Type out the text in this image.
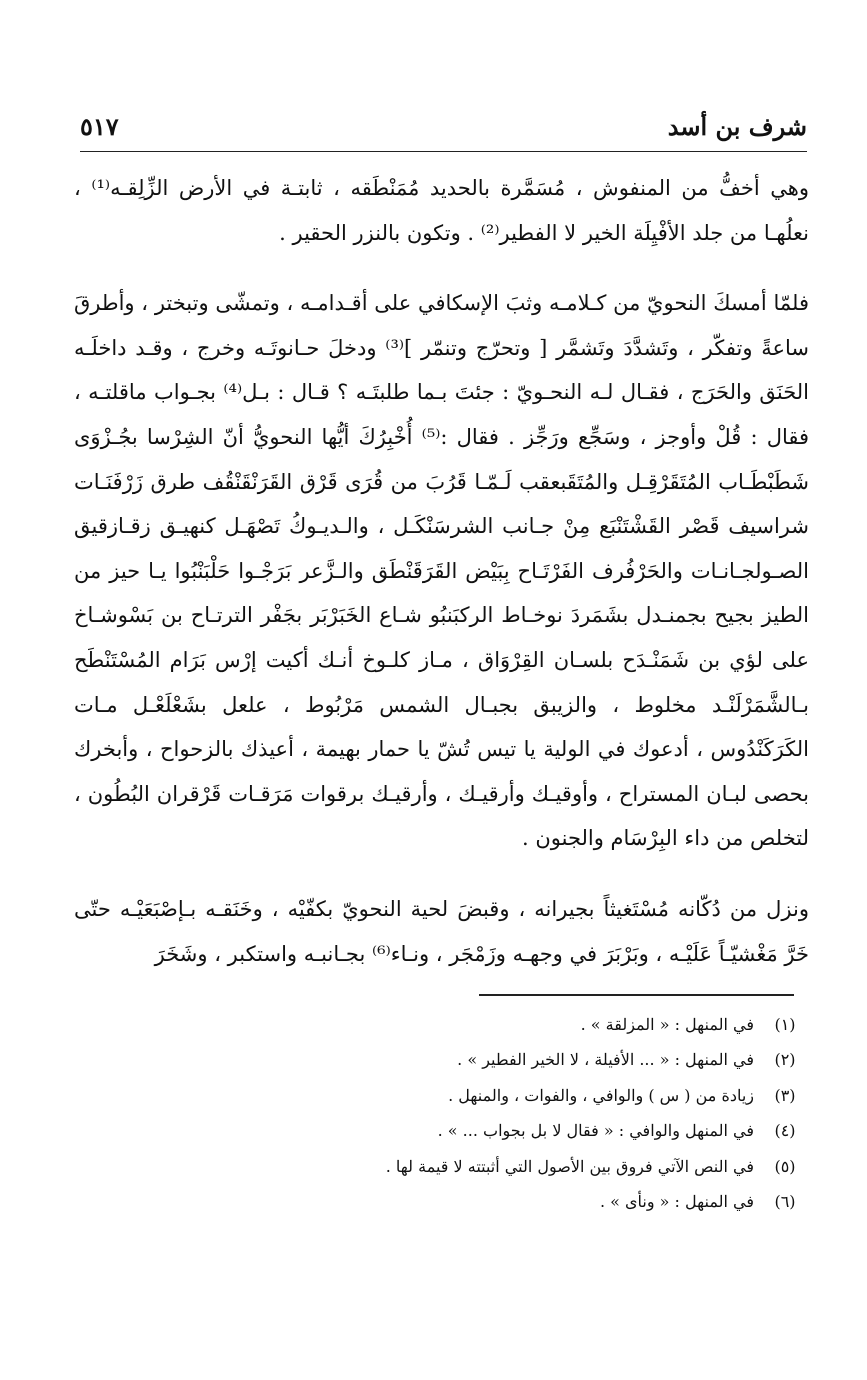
شرف بن أسد
٥١٧

وهي أخفُّ من المنفوش ، مُسَمَّرة بالحديد مُمَنْطَقه ، ثابتـة في الأرض الزِّلِقـه⁽¹⁾ ، نعلُهـا من جلد الأفْيِلَة الخير لا الفطير⁽²⁾ . وتكون بالنزر الحقير .

فلمّا أمسكَ النحويّ من كـلامـه وثبَ الإسكافي على أقـدامـه ، وتمشّى وتبختر ، وأطرقَ ساعةً وتفكّر ، وتَشدَّدَ وتَشمَّر [ وتحرّج وتنمّر ]⁽³⁾ ودخلَ حـانوتَـه وخرج ، وقـد داخلَـه الحَنَق والحَرَج ، فقـال لـه النحـويّ : جئتَ بـما طلبتَـه ؟ قـال : بـل⁽⁴⁾ بجـواب ماقلتـه ، فقال : قُلْ وأوجز ، وسَجِّع ورَجِّز . فقال :⁽⁵⁾ أُخْبِرُكَ أيُّها النحويُّ أنّ الشِرْسا بجُـزْوَى شَطَبْطَـاب المُتَقَرْقِـل والمُتَقَبعقب لَـمّـا قَرُبَ من قُرَى قَرْق القَرَنْقَنْقُف طرق زَرْفَنَـات شراسيف قَصْر القَشْتَنْبَع مِنْ جـانب الشرسَنْكَـل ، والـديـوكُ تَصْهَـل كنهيـق زقـازقيق الصـولجـانـات والحَرْفُرف الفَرْتَـاح بِبَيْض القَرَقَنْطَق والـزَّعر بَرَجْـوا حَلْبَنْبُوا يـا حيز من الطيز بجيح بجمنـدل بشَمَردَ نوخـاط الركبَنبُو شـاع الخَبَرْبَر بجَفْر الترتـاح بن بَسْوشـاخ على لؤي بن شَمَنْـدَح بلسـان القِرْوَاق ، مـاز كلـوخ أنـك أكيت إرْس بَرَام المُسْتَنْطَح بـالشَّمَرْلَنْـد مخلوط ، والزيبق بجبـال الشمس مَرْبُوط ، علعل بشَعْلَعْـل مـات الكَرَكَنْدُوس ، أدعوك في الولية يا تيس تُشّ يا حمار بهيمة ، أعيذك بالزحواح ، وأبخرك بحصى لبـان المستراح ، وأوقيـك وأرقيـك ، وأرقيـك برقوات مَرَقـات قَرْقران البُطُون ، لتخلص من داء البِرْسَام والجنون .

ونزل من دُكّانه مُسْتَغيثاً بجيرانه ، وقبضَ لحية النحويّ بكفّيْه ، وخَنَقـه بـإصْبَعَيْـه حتّى خَرَّ مَغْشيّـاً عَلَيْـه ، وبَرْبَرَ في وجهـه وزَمْجَر ، ونـاء⁽⁶⁾ بجـانبـه واستكبر ، وشَخَرَ

(١)
في المنهل : « المزلقة » .
(٢)
في المنهل : « ... الأفيلة ، لا الخير الفطير » .
(٣)
زيادة من ( س ) والوافي ، والفوات ، والمنهل .
(٤)
في المنهل والوافي : « فقال لا بل بجواب ... » .
(٥)
في النص الآتي فروق بين الأصول التي أثبتته لا قيمة لها .
(٦)
في المنهل : « ونأى » .
